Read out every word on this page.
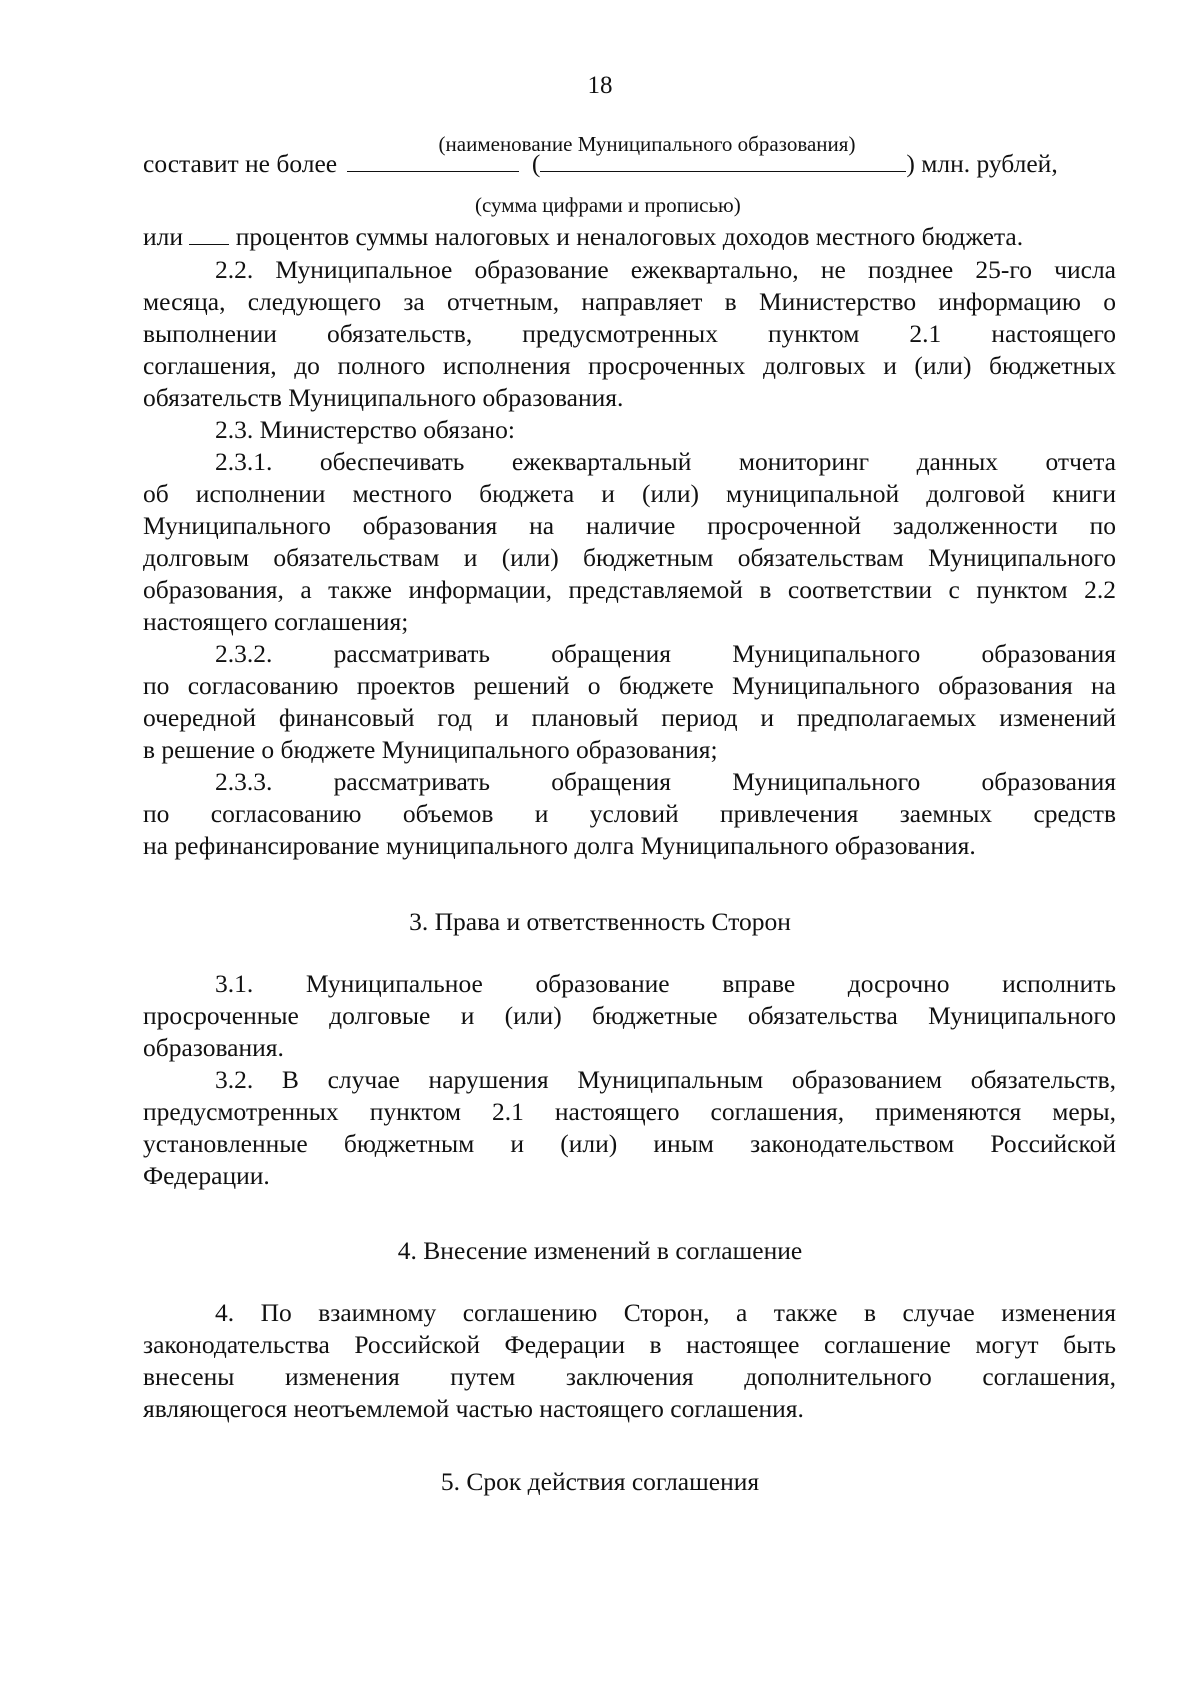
18
(наименование Муниципального образования)
составит не более	(	) млн. рублей,
(сумма цифрами и прописью)
или процентов суммы налоговых и неналоговых доходов местного бюджета.
2.2. Муниципальное образование ежеквартально, не позднее 25-го числа
месяца, следующего за отчетным, направляет в Министерство информацию о
выполнении обязательств, предусмотренных пунктом 2.1 настоящего
соглашения, до полного исполнения просроченных долговых и (или) бюджетных
обязательств Муниципального образования.
2.3. Министерство обязано:
2.3.1. обеспечивать ежеквартальный мониторинг данных отчета
об исполнении местного бюджета и (или) муниципальной долговой книги
Муниципального образования на наличие просроченной задолженности по
долговым обязательствам и (или) бюджетным обязательствам Муниципального
образования, а также информации, представляемой в соответствии с пунктом 2.2
настоящего соглашения;
2.3.2. рассматривать обращения Муниципального образования
по согласованию проектов решений о бюджете Муниципального образования на
очередной финансовый год и плановый период и предполагаемых изменений
в решение о бюджете Муниципального образования;
2.3.3. рассматривать обращения Муниципального образования
по согласованию объемов и условий привлечения заемных средств
на рефинансирование муниципального долга Муниципального образования.
3. Права и ответственность Сторон
3.1. Муниципальное образование вправе досрочно исполнить
просроченные долговые и (или) бюджетные обязательства Муниципального
образования.
3.2. В случае нарушения Муниципальным образованием обязательств,
предусмотренных пунктом 2.1 настоящего соглашения, применяются меры,
установленные бюджетным и (или) иным законодательством Российской
Федерации.
4. Внесение изменений в соглашение
4. По взаимному соглашению Сторон, а также в случае изменения
законодательства Российской Федерации в настоящее соглашение могут быть
внесены изменения путем заключения дополнительного соглашения,
являющегося неотъемлемой частью настоящего соглашения.
5. Срок действия соглашения
